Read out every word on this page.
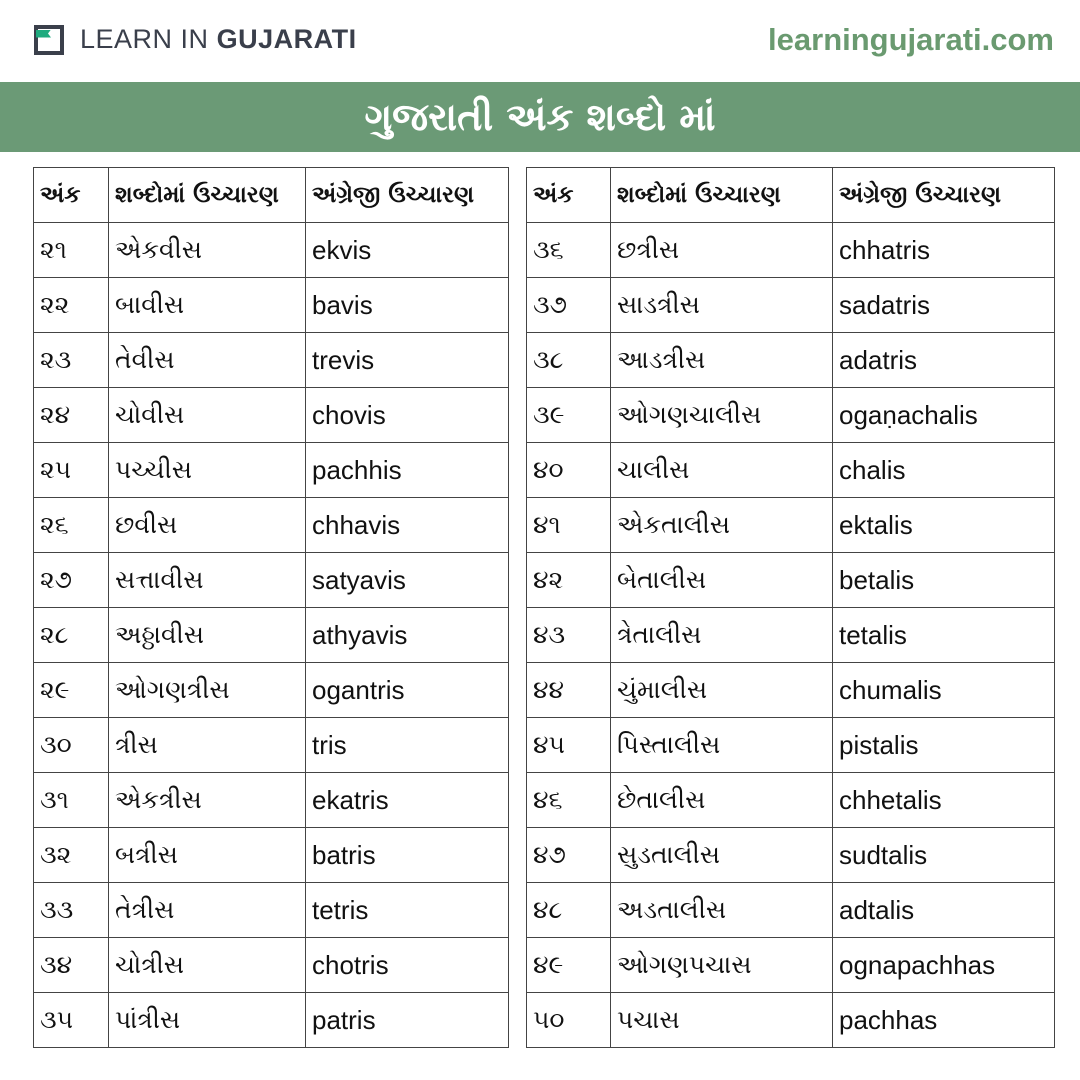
LEARN IN GUJARATI	learningujarati.com
ગુજરાતી અંક શબ્દો માં
અંક	શબ્દોમાં ઉચ્ચારણ	અંગ્રેજી ઉચ્ચારણ
૨૧	એકવીસ	ekvis
૨૨	બાવીસ	bavis
૨૩	તેવીસ	trevis
૨૪	ચોવીસ	chovis
૨૫	પચ્ચીસ	pachhis
૨૬	છવીસ	chhavis
૨૭	સત્તાવીસ	satyavis
૨૮	અઠ્ઠાવીસ	athyavis
૨૯	ઓગણત્રીસ	ogantris
૩૦	ત્રીસ	tris
૩૧	એકત્રીસ	ekatris
૩૨	બત્રીસ	batris
૩૩	તેત્રીસ	tetris
૩૪	ચોત્રીસ	chotris
૩૫	પાંત્રીસ	patris
અંક	શબ્દોમાં ઉચ્ચારણ	અંગ્રેજી ઉચ્ચારણ
૩૬	છત્રીસ	chhatris
૩૭	સાડત્રીસ	sadatris
૩૮	આડત્રીસ	adatris
૩૯	ઓગણચાલીસ	ogaṇachalis
૪૦	ચાલીસ	chalis
૪૧	એકતાલીસ	ektalis
૪૨	બેતાલીસ	betalis
૪૩	ત્રેતાલીસ	tetalis
૪૪	ચુંમાલીસ	chumalis
૪૫	પિસ્તાલીસ	pistalis
૪૬	છેતાલીસ	chhetalis
૪૭	સુડતાલીસ	sudtalis
૪૮	અડતાલીસ	adtalis
૪૯	ઓગણપચાસ	ognapachhas
૫૦	પચાસ	pachhas
